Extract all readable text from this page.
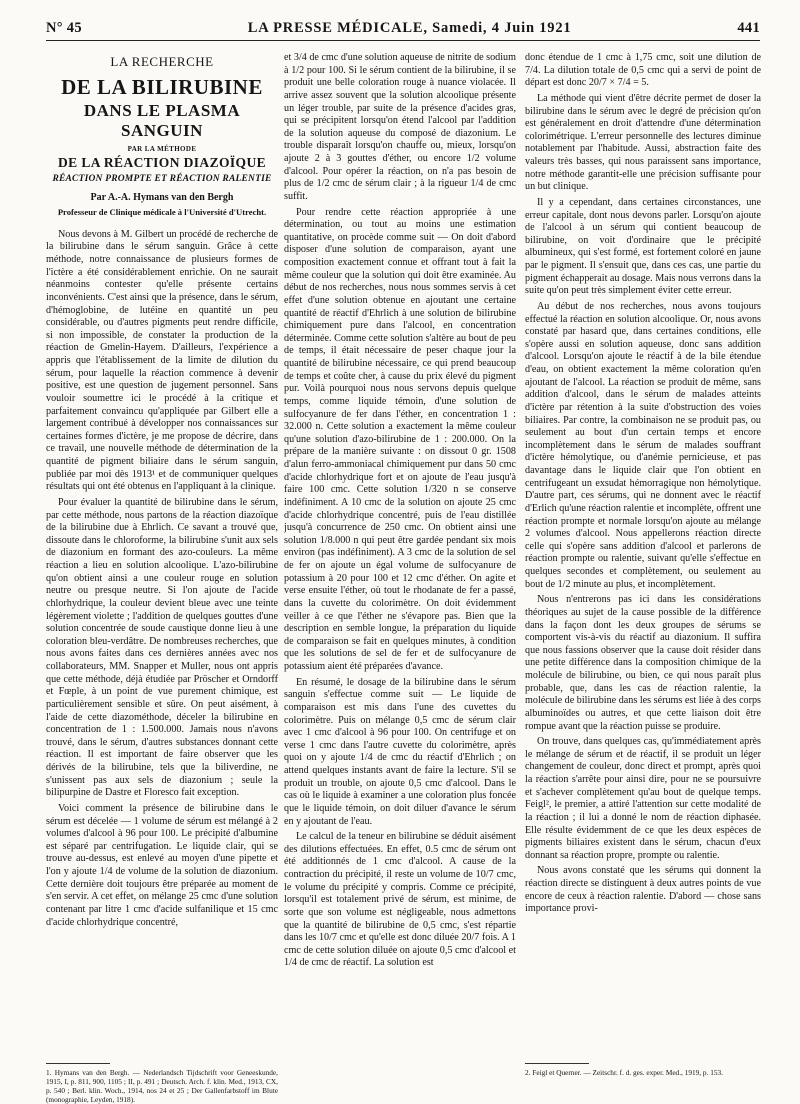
N° 45	LA PRESSE MÉDICALE, Samedi, 4 Juin 1921	441
LA RECHERCHE
DE LA BILIRUBINE
DANS LE PLASMA SANGUIN
PAR LA MÉTHODE
DE LA RÉACTION DIAZOÏQUE
RÉACTION PROMPTE ET RÉACTION RALENTIE
Par A.-A. Hymans van den Bergh
Professeur de Clinique médicale à l'Université d'Utrecht.

Nous devons à M. Gilbert un procédé de recherche de la bilirubine dans le sérum sanguin. Grâce à cette méthode, notre connaissance de plusieurs formes de l'ictère a été considérablement enrichie. On ne saurait néanmoins contester qu'elle présente certains inconvénients. C'est ainsi que la présence, dans le sérum, d'hémoglobine, de lutéine en quantité un peu considérable, ou d'autres pigments peut rendre difficile, si non impossible, de constater la production de la réaction de Gmelin-Hayem. D'ailleurs, l'expérience a appris que l'établissement de la limite de dilution du sérum, pour laquelle la réaction commence à devenir positive, est une question de jugement personnel. Sans vouloir soumettre ici le procédé à la critique et parfaitement convaincu qu'appliquée par Gilbert elle a largement contribué à développer nos connaissances sur certaines formes d'ictère, je me propose de décrire, dans ce travail, une nouvelle méthode de détermination de la quantité de pigment biliaire dans le sérum sanguin, publiée par moi dès 1913¹ et de communiquer quelques résultats qui ont été obtenus en l'appliquant à la clinique.

Pour évaluer la quantité de bilirubine dans le sérum, par cette méthode, nous partons de la réaction diazoïque de la bilirubine due à Ehrlich. Ce savant a trouvé que, dissoute dans le chloroforme, la bilirubine s'unit aux sels de diazonium en formant des azo-couleurs. La même réaction a lieu en solution alcoolique. L'azo-bilirubine qu'on obtient ainsi a une couleur rouge en solution neutre ou presque neutre. Si l'on ajoute de l'acide chlorhydrique, la couleur devient bleue avec une teinte légèrement violette ; l'addition de quelques gouttes d'une solution concentrée de soude caustique donne lieu à une coloration bleu-verdâtre. De nombreuses recherches, que nous avons faites dans ces dernières années avec nos collaborateurs, MM. Snapper et Muller, nous ont appris que cette méthode, déjà étudiée par Pröscher et Orndorff et Fœple, à un point de vue purement chimique, est particulièrement sensible et sûre. On peut aisément, à l'aide de cette diazométhode, déceler la bilirubine en concentration de 1 : 1.500.000. Jamais nous n'avons trouvé, dans le sérum, d'autres substances donnant cette réaction. Il est important de faire observer que les dérivés de la bilirubine, tels que la biliverdine, ne s'unissent pas aux sels de diazonium ; seule la bilipurpine de Dastre et Floresco fait exception.

Voici comment la présence de bilirubine dans le sérum est décelée — 1 volume de sérum est mélangé à 2 volumes d'alcool à 96 pour 100. Le précipité d'albumine est séparé par centrifugation. Le liquide clair, qui se trouve au-dessus, est enlevé au moyen d'une pipette et l'on y ajoute 1/4 de volume de la solution de diazonium. Cette dernière doit toujours être préparée au moment de s'en servir. A cet effet, on mélange 25 cmc d'une solution contenant par litre 1 cmc d'acide sulfanilique et 15 cmc d'acide chlorhydrique concentré,

et 3/4 de cmc d'une solution aqueuse de nitrite de sodium à 1/2 pour 100. Si le sérum contient de la bilirubine, il se produit une belle coloration rouge à nuance violacée. Il arrive assez souvent que la solution alcoolique présente un léger trouble, par suite de la présence d'acides gras, qui se précipitent lorsqu'on étend l'alcool par l'addition de la solution aqueuse du composé de diazonium. Le trouble disparaît lorsqu'on chauffe ou, mieux, lorsqu'on ajoute 2 à 3 gouttes d'éther, ou encore 1/2 volume d'alcool. Pour opérer la réaction, on n'a pas besoin de plus de 1/2 cmc de sérum clair ; à la rigueur 1/4 de cmc suffit.

Pour rendre cette réaction appropriée à une détermination, ou tout au moins une estimation quantitative, on procède comme suit — On doit d'abord disposer d'une solution de comparaison, ayant une composition exactement connue et offrant tout à fait la même couleur que la solution qui doit être examinée. Au début de nos recherches, nous nous sommes servis à cet effet d'une solution obtenue en ajoutant une certaine quantité de réactif d'Ehrlich à une solution de bilirubine chimiquement pure dans l'alcool, en concentration déterminée. Comme cette solution s'altère au bout de peu de temps, il était nécessaire de peser chaque jour la quantité de bilirubine nécessaire, ce qui prend beaucoup de temps et coûte cher, à cause du prix élevé du pigment pur. Voilà pourquoi nous nous servons depuis quelque temps, comme liquide témoin, d'une solution de sulfocyanure de fer dans l'éther, en concentration 1 : 32.000 n. Cette solution a exactement la même couleur qu'une solution d'azo-bilirubine de 1 : 200.000. On la prépare de la manière suivante : on dissout 0 gr. 1508 d'alun ferro-ammoniacal chimiquement pur dans 50 cmc d'acide chlorhydrique fort et on ajoute de l'eau jusqu'à faire 100 cmc. Cette solution 1/320 n se conserve indéfiniment. A 10 cmc de la solution on ajoute 25 cmc d'acide chlorhydrique concentré, puis de l'eau distillée jusqu'à concurrence de 250 cmc. On obtient ainsi une solution 1/8.000 n qui peut être gardée pendant six mois environ (pas indéfiniment). A 3 cmc de la solution de sel de fer on ajoute un égal volume de sulfocyanure de potassium à 20 pour 100 et 12 cmc d'éther. On agite et verse ensuite l'éther, où tout le rhodanate de fer a passé, dans la cuvette du colorimètre. On doit évidemment veiller à ce que l'éther ne s'évapore pas. Bien que la description en semble longue, la préparation du liquide de comparaison se fait en quelques minutes, à condition que les solutions de sel de fer et de sulfocyanure de potassium aient été préparées d'avance.

En résumé, le dosage de la bilirubine dans le sérum sanguin s'effectue comme suit — Le liquide de comparaison est mis dans l'une des cuvettes du colorimètre. Puis on mélange 0,5 cmc de sérum clair avec 1 cmc d'alcool à 96 pour 100. On centrifuge et on verse 1 cmc dans l'autre cuvette du colorimètre, après quoi on y ajoute 1/4 de cmc du réactif d'Ehrlich ; on attend quelques instants avant de faire la lecture. S'il se produit un trouble, on ajoute 0,5 cmc d'alcool. Dans le cas où le liquide à examiner a une coloration plus foncée que le liquide témoin, on doit diluer d'avance le sérum en y ajoutant de l'eau.

Le calcul de la teneur en bilirubine se déduit aisément des dilutions effectuées. En effet, 0.5 cmc de sérum ont été additionnés de 1 cmc d'alcool. A cause de la contraction du précipité, il reste un volume de 10/7 cmc, le volume du précipité y compris. Comme ce précipité, lorsqu'il est totalement privé de sérum, est minime, de sorte que son volume est négligeable, nous admettons que la quantité de bilirubine de 0,5 cmc, s'est répartie dans les 10/7 cmc et qu'elle est donc diluée 20/7 fois. A 1 cmc de cette solution diluée on ajoute 0,5 cmc d'alcool et 1/4 de cmc de réactif. La solution est

donc étendue de 1 cmc à 1,75 cmc, soit une dilution de 7/4. La dilution totale de 0,5 cmc qui a servi de point de départ est donc 20/7 × 7/4 = 5.

La méthode qui vient d'être décrite permet de doser la bilirubine dans le sérum avec le degré de précision qu'on est généralement en droit d'attendre d'une détermination colorimétrique. L'erreur personnelle des lectures diminue notablement par l'habitude. Aussi, abstraction faite des valeurs très basses, qui nous paraissent sans importance, notre méthode garantit-elle une précision suffisante pour un but clinique.

Il y a cependant, dans certaines circonstances, une erreur capitale, dont nous devons parler. Lorsqu'on ajoute de l'alcool à un sérum qui contient beaucoup de bilirubine, on voit d'ordinaire que le précipité albumineux, qui s'est formé, est fortement coloré en jaune par le pigment. Il s'ensuit que, dans ces cas, une partie du pigment échapperait au dosage. Mais nous verrons dans la suite qu'on peut très simplement éviter cette erreur.

Au début de nos recherches, nous avons toujours effectué la réaction en solution alcoolique. Or, nous avons constaté par hasard que, dans certaines conditions, elle s'opère aussi en solution aqueuse, donc sans addition d'alcool. Lorsqu'on ajoute le réactif à de la bile étendue d'eau, on obtient exactement la même coloration qu'en ajoutant de l'alcool. La réaction se produit de même, sans addition d'alcool, dans le sérum de malades atteints d'ictère par rétention à la suite d'obstruction des voies biliaires. Par contre, la combinaison ne se produit pas, ou seulement au bout d'un certain temps et encore incomplètement dans le sérum de malades souffrant d'ictère hémolytique, ou d'anémie pernicieuse, et pas davantage dans le liquide clair que l'on obtient en centrifugeant un exsudat hémorragique non hémolytique. D'autre part, ces sérums, qui ne donnent avec le réactif d'Erlich qu'une réaction ralentie et incomplète, offrent une réaction prompte et normale lorsqu'on ajoute au mélange 2 volumes d'alcool. Nous appellerons réaction directe celle qui s'opère sans addition d'alcool et parlerons de réaction prompte ou ralentie, suivant qu'elle s'effectue en quelques secondes et complètement, ou seulement au bout de 1/2 minute au plus, et incomplètement.

Nous n'entrerons pas ici dans les considérations théoriques au sujet de la cause possible de la différence dans la façon dont les deux groupes de sérums se comportent vis-à-vis du réactif au diazonium. Il suffira que nous fassions observer que la cause doit résider dans une petite différence dans la composition chimique de la molécule de bilirubine, ou bien, ce qui nous paraît plus probable, que, dans les cas de réaction ralentie, la molécule de bilirubine dans les sérums est liée à des corps albuminoïdes ou autres, et que cette liaison doit être rompue avant que la réaction puisse se produire.

On trouve, dans quelques cas, qu'immédiatement après le mélange de sérum et de réactif, il se produit un léger changement de couleur, donc direct et prompt, après quoi la réaction s'arrête pour ainsi dire, pour ne se poursuivre et s'achever complètement qu'au bout de quelque temps. Feigl², le premier, a attiré l'attention sur cette modalité de la réaction ; il lui a donné le nom de réaction diphasée. Elle résulte évidemment de ce que les deux espèces de pigments biliaires existent dans le sérum, chacun d'eux donnant sa réaction propre, prompte ou ralentie.

Nous avons constaté que les sérums qui donnent la réaction directe se distinguent à deux autres points de vue encore de ceux à réaction ralentie. D'abord — chose sans importance provi-

1. Hymans van den Bergh. — Nederlandsch Tijdschrift voor Geneeskunde, 1915, I, p. 811, 900, 1105 ; II, p. 491 ; Deutsch. Arch. f. klin. Med., 1913, CX, p. 540 ; Berl. klin. Woch., 1914, nos 24 et 25 ; Der Gallenfarbstoff im Blute (monographie, Leyden, 1918).
2. Feigl et Querner. — Zeitschr. f. d. ges. exper. Med., 1919, p. 153.
